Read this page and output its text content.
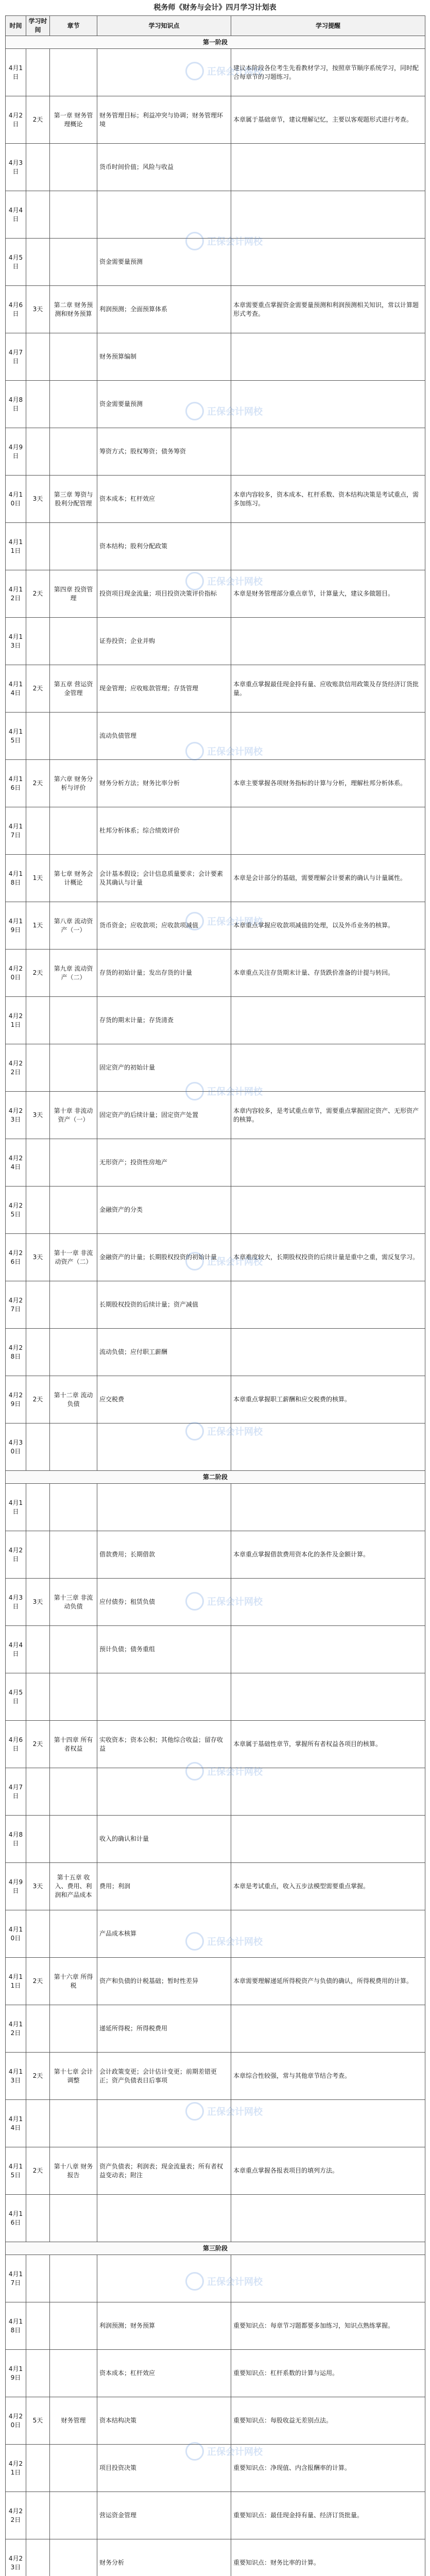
税务师《财务与会计》四月学习计划表
时间	学习时间	章节	学习知识点	学习提醒
第一阶段				
4月1日				建议本阶段各位考生先看教材学习，按照章节顺序系统学习，同时配合每章节的习题练习。
4月2日	2天	第一章 财务管理概论	财务管理目标；利益冲突与协调；财务管理环境	本章属于基础章节，建议理解记忆，主要以客观题形式进行考查。
4月3日			货币时间价值；风险与收益	
4月4日				
4月5日			资金需要量预测	
4月6日	3天	第二章 财务预测和财务预算	利润预测；全面预算体系	本章需要重点掌握资金需要量预测和利润预测相关知识，常以计算题形式考查。
4月7日			财务预算编制	
4月8日			资金需要量预测	
4月9日			筹资方式；股权筹资；债务筹资	
4月10日	3天	第三章 筹资与股利分配管理	资本成本；杠杆效应	本章内容较多，资本成本、杠杆系数、资本结构决策是考试重点，需多加练习。
4月11日			资本结构；股利分配政策	
4月12日	2天	第四章 投资管理	投资项目现金流量；项目投资决策评价指标	本章是财务管理部分重点章节，计算量大，建议多做题目。
4月13日			证券投资；企业并购	
4月14日	2天	第五章 营运资金管理	现金管理；应收账款管理；存货管理	本章重点掌握最佳现金持有量、应收账款信用政策及存货经济订货批量。
4月15日			流动负债管理	
4月16日	2天	第六章 财务分析与评价	财务分析方法；财务比率分析	本章主要掌握各项财务指标的计算与分析，理解杜邦分析体系。
4月17日			杜邦分析体系；综合绩效评价	
4月18日	1天	第七章 财务会计概论	会计基本假设；会计信息质量要求；会计要素及其确认与计量	本章是会计部分的基础，需要理解会计要素的确认与计量属性。
4月19日	1天	第八章 流动资产（一）	货币资金；应收款项；应收款项减值	本章重点掌握应收款项减值的处理，以及外币业务的核算。
4月20日	2天	第九章 流动资产（二）	存货的初始计量；发出存货的计量	本章重点关注存货期末计量、存货跌价准备的计提与转回。
4月21日			存货的期末计量；存货清查	
4月22日			固定资产的初始计量	
4月23日	3天	第十章 非流动资产（一）	固定资产的后续计量；固定资产处置	本章内容较多，是考试重点章节，需要重点掌握固定资产、无形资产的核算。
4月24日			无形资产；投资性房地产	
4月25日			金融资产的分类	
4月26日	3天	第十一章 非流动资产（二）	金融资产的计量；长期股权投资的初始计量	本章难度较大，长期股权投资的后续计量是重中之重，需反复学习。
4月27日			长期股权投资的后续计量；资产减值	
4月28日			流动负债；应付职工薪酬	
4月29日	2天	第十二章 流动负债	应交税费	本章重点掌握职工薪酬和应交税费的核算。
4月30日				
第二阶段				
4月1日				
4月2日			借款费用；长期借款	本章重点掌握借款费用资本化的条件及金额计算。
4月3日	3天	第十三章 非流动负债	应付债券；租赁负债	
4月4日			预计负债；债务重组	
4月5日				
4月6日	2天	第十四章 所有者权益	实收资本；资本公积；其他综合收益；留存收益	本章属于基础性章节，掌握所有者权益各项目的核算。
4月7日				
4月8日			收入的确认和计量	
4月9日	3天	第十五章 收入、费用、利润和产品成本	费用；利润	本章是考试重点，收入五步法模型需要重点掌握。
4月10日			产品成本核算	
4月11日	2天	第十六章 所得税	资产和负债的计税基础；暂时性差异	本章需要理解递延所得税资产与负债的确认，所得税费用的计算。
4月12日			递延所得税；所得税费用	
4月13日	2天	第十七章 会计调整	会计政策变更；会计估计变更；前期差错更正；资产负债表日后事项	本章综合性较强，常与其他章节结合考查。
4月14日				
4月15日	2天	第十八章 财务报告	资产负债表；利润表；现金流量表；所有者权益变动表；附注	本章重点掌握各报表项目的填列方法。
4月16日				
第三阶段				
4月17日				
4月18日			利润预测；财务预算	重要知识点：每章节习题都要多加练习，知识点熟练掌握。
4月19日			资本成本；杠杆效应	重要知识点：杠杆系数的计算与运用。
4月20日	5天	财务管理	资本结构决策	重要知识点：每股收益无差别点法。
4月21日			项目投资决策	重要知识点：净现值、内含报酬率的计算。
4月22日			营运资金管理	重要知识点：最佳现金持有量、经济订货批量。
4月23日			财务分析	重要知识点：财务比率的计算。

正保会计网校
正保会计网校
正保会计网校
正保会计网校
正保会计网校
正保会计网校
正保会计网校
正保会计网校
正保会计网校
正保会计网校
正保会计网校
正保会计网校
正保会计网校
正保会计网校
正保会计网校
